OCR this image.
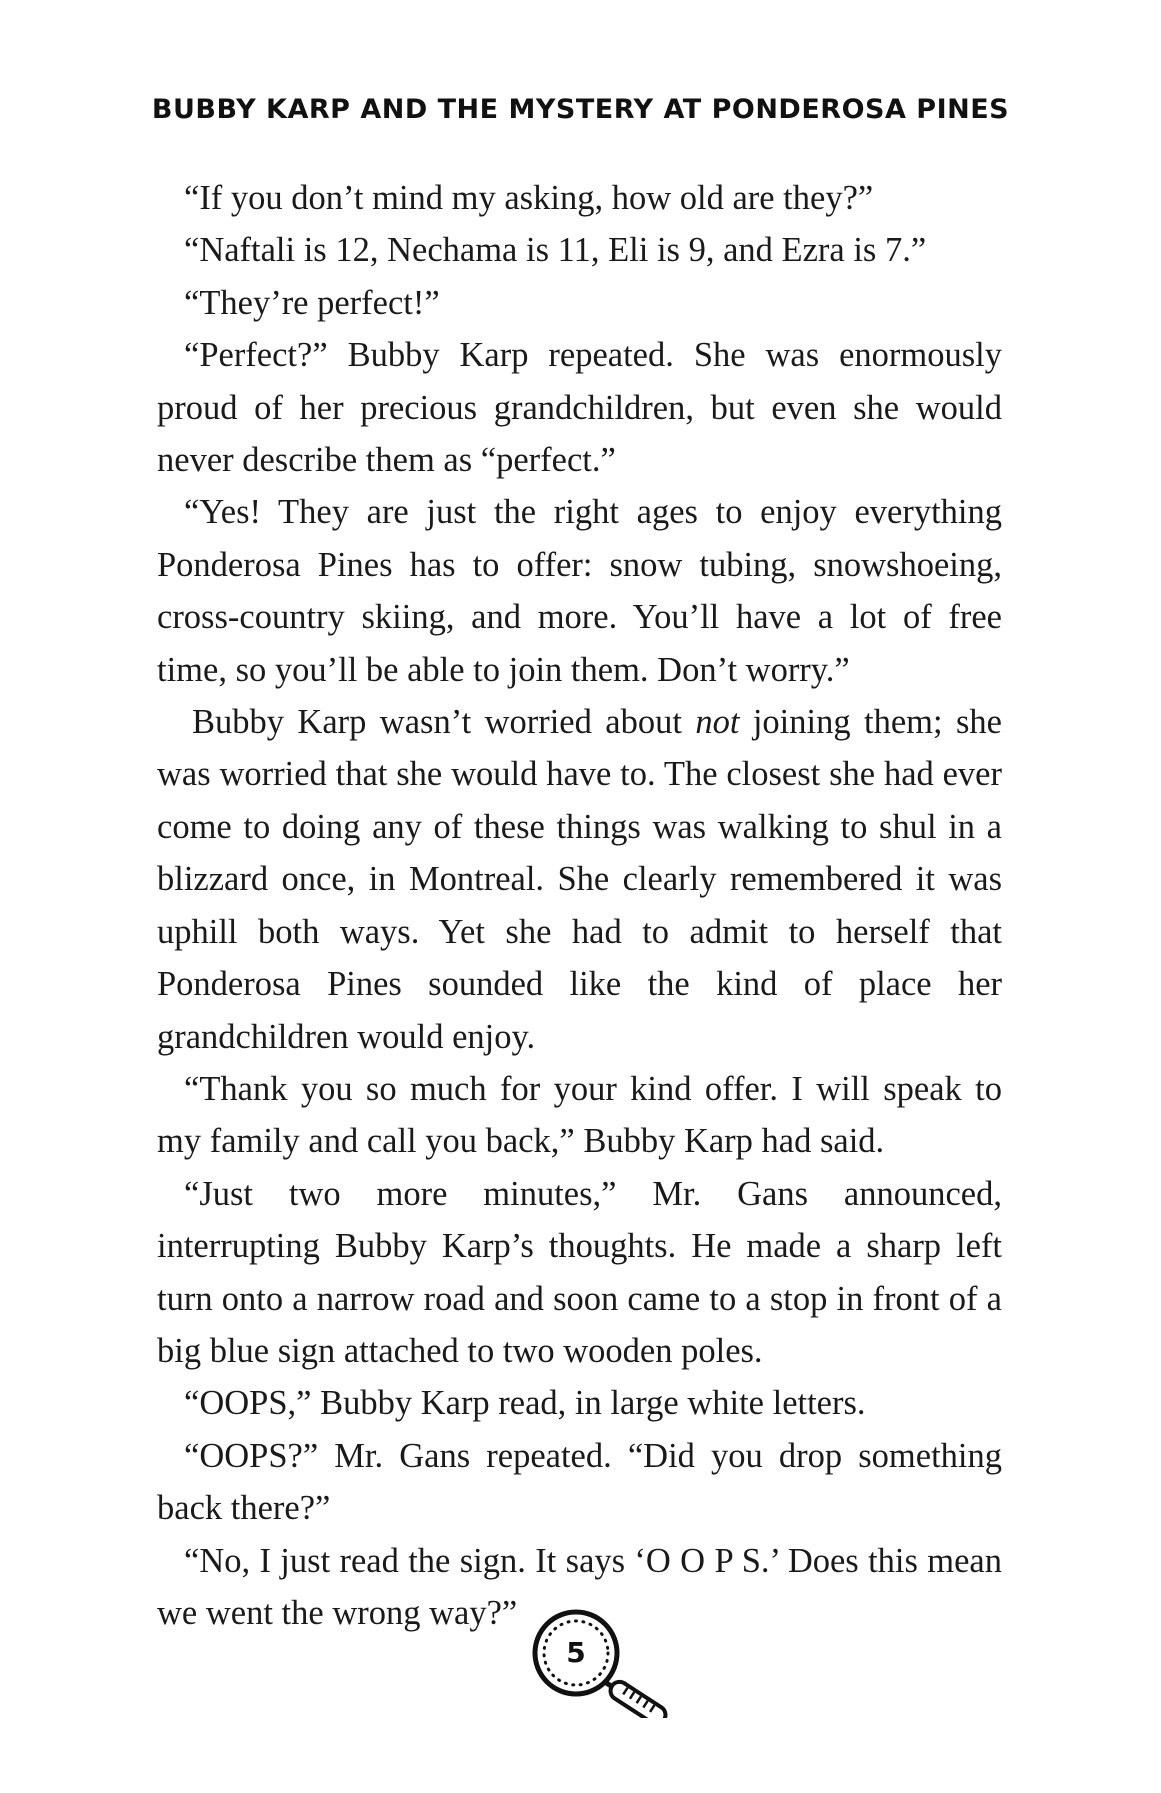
BUBBY KARP AND THE MYSTERY AT PONDEROSA PINES

“If you don’t mind my asking, how old are they?”

“Naftali is 12, Nechama is 11, Eli is 9, and Ezra is 7.”

“They’re perfect!”

“Perfect?” Bubby Karp repeated. She was enormously proud of her precious grandchildren, but even she would never describe them as “perfect.”

“Yes! They are just the right ages to enjoy everything Ponderosa Pines has to offer: snow tubing, snowshoeing, cross-country skiing, and more. You’ll have a lot of free time, so you’ll be able to join them. Don’t worry.”

Bubby Karp wasn’t worried about not joining them; she was worried that she would have to. The closest she had ever come to doing any of these things was walking to shul in a blizzard once, in Montreal. She clearly remembered it was uphill both ways. Yet she had to admit to herself that Ponderosa Pines sounded like the kind of place her grandchildren would enjoy.

“Thank you so much for your kind offer. I will speak to my family and call you back,” Bubby Karp had said.

“Just two more minutes,” Mr. Gans announced, interrupting Bubby Karp’s thoughts. He made a sharp left turn onto a narrow road and soon came to a stop in front of a big blue sign attached to two wooden poles.

“OOPS,” Bubby Karp read, in large white letters.

“OOPS?” Mr. Gans repeated. “Did you drop something back there?”

“No, I just read the sign. It says ‘O O P S.’ Does this mean we went the wrong way?”

5
